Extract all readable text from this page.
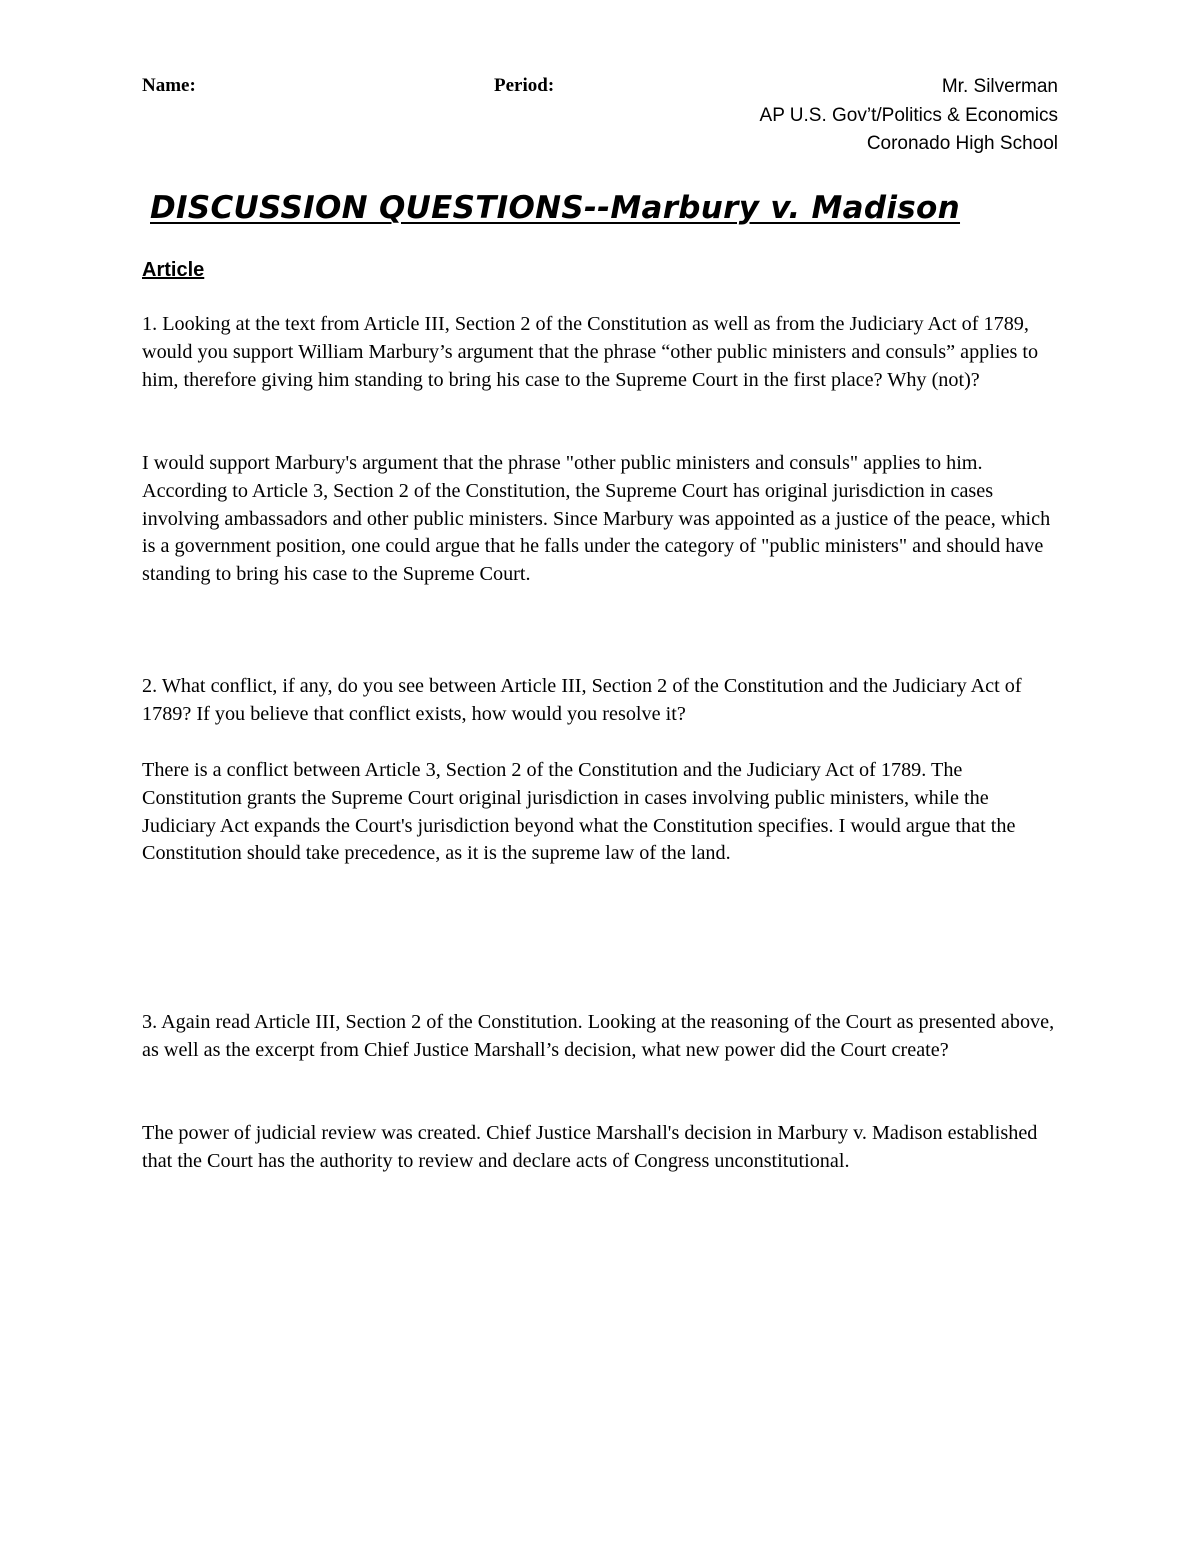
Name:	Period:	Mr. Silverman
AP U.S. Gov’t/Politics & Economics
Coronado High School
DISCUSSION QUESTIONS--Marbury v. Madison
Article

1. Looking at the text from Article III, Section 2 of the Constitution as well as from the Judiciary Act of 1789, would you support William Marbury’s argument that the phrase “other public ministers and consuls” applies to him, therefore giving him standing to bring his case to the Supreme Court in the first place? Why (not)?

I would support Marbury's argument that the phrase "other public ministers and consuls" applies to him. According to Article 3, Section 2 of the Constitution, the Supreme Court has original jurisdiction in cases involving ambassadors and other public ministers. Since Marbury was appointed as a justice of the peace, which is a government position, one could argue that he falls under the category of "public ministers" and should have standing to bring his case to the Supreme Court.

2. What conflict, if any, do you see between Article III, Section 2 of the Constitution and the Judiciary Act of 1789? If you believe that conflict exists, how would you resolve it?

There is a conflict between Article 3, Section 2 of the Constitution and the Judiciary Act of 1789. The Constitution grants the Supreme Court original jurisdiction in cases involving public ministers, while the Judiciary Act expands the Court's jurisdiction beyond what the Constitution specifies. I would argue that the Constitution should take precedence, as it is the supreme law of the land.

3. Again read Article III, Section 2 of the Constitution. Looking at the reasoning of the Court as presented above, as well as the excerpt from Chief Justice Marshall’s decision, what new power did the Court create?

The power of judicial review was created. Chief Justice Marshall's decision in Marbury v. Madison established that the Court has the authority to review and declare acts of Congress unconstitutional.
